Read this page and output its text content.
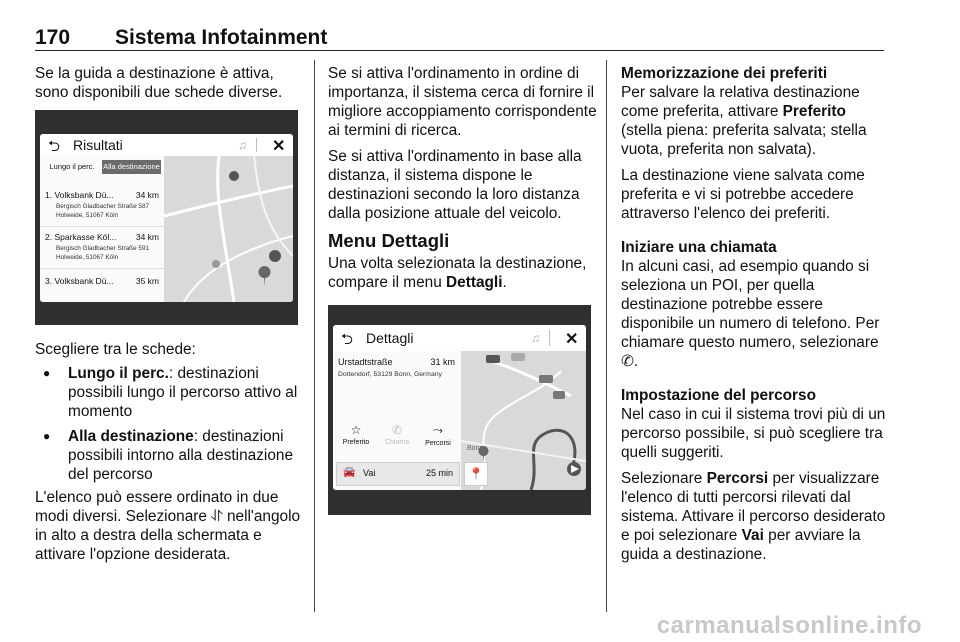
170 Sistema Infotainment

Se la guida a destinazione è attiva, sono disponibili due schede diverse.

⮌ Risultati	♫ ✕
Lungo il perc.	Alla destinazione
1. Volksbank Dü...	34 km
Bergisch Gladbacher Straße 587
Holweide, 51067 Köln
2. Sparkasse Köl... 34 km
Bergisch Gladbacher Straße 591
Holweide, 51067 Köln
3. Volksbank Dü...	35 km

Scegliere tra le schede:

● Lungo il perc.: destinazioni possibili lungo il percorso attivo al momento
● Alla destinazione: destinazioni possibili intorno alla destinazione del percorso

L'elenco può essere ordinato in due modi diversi. Selezionare ⥯ nell'angolo in alto a destra della schermata e attivare l'opzione desiderata.

Se si attiva l'ordinamento in ordine di importanza, il sistema cerca di fornire il migliore accoppiamento corrispondente ai termini di ricerca.

Se si attiva l'ordinamento in base alla distanza, il sistema dispone le destinazioni secondo la loro distanza dalla posizione attuale del veicolo.

Menu Dettagli

Una volta selezionata la destinazione, compare il menu Dettagli.

⮌ Dettagli	♫ ✕
Bonn
Urstadtstraße	31 km
Dottendorf, 53129 Bonn, Germany
☆
Preferito
✆
Chiama
⤳
Percorsi
🚘 Vai	25 min	📍
Memorizzazione dei preferiti

Per salvare la relativa destinazione come preferita, attivare Preferito (stella piena: preferita salvata; stella vuota, preferita non salvata).

La destinazione viene salvata come preferita e vi si potrebbe accedere attraverso l'elenco dei preferiti.

Iniziare una chiamata

In alcuni casi, ad esempio quando si seleziona un POI, per quella destinazione potrebbe essere disponibile un numero di telefono. Per chiamare questo numero, selezionare ✆.

Impostazione del percorso

Nel caso in cui il sistema trovi più di un percorso possibile, si può scegliere tra quelli suggeriti.

Selezionare Percorsi per visualizzare l'elenco di tutti percorsi rilevati dal sistema. Attivare il percorso desiderato e poi selezionare Vai per avviare la guida a destinazione.

carmanualsonline.info
